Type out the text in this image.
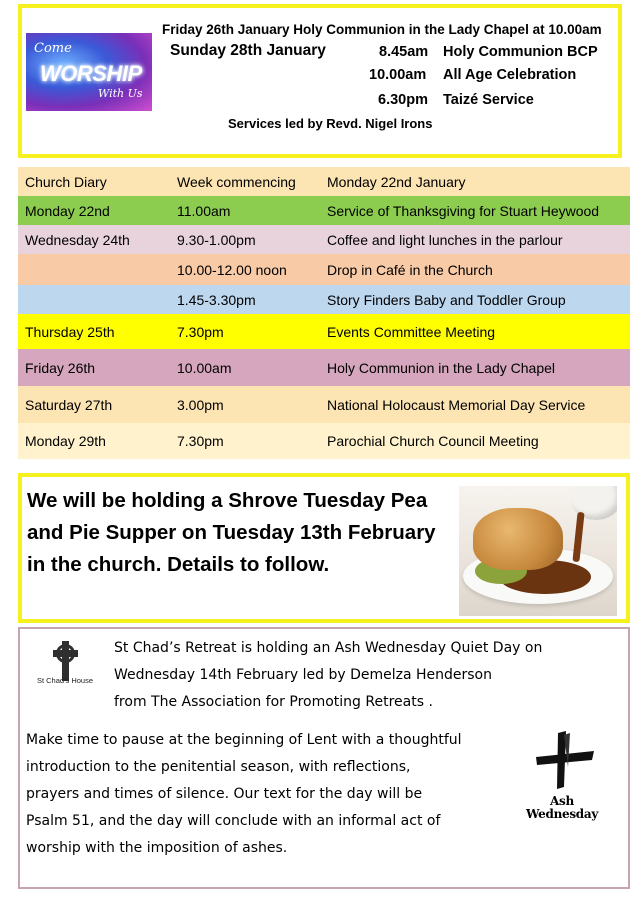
Come
WORSHIP
With Us
Friday 26th January Holy Communion in the Lady Chapel at 10.00am
Sunday 28th January	8.45am Holy Communion BCP
10.00am All Age Celebration
6.30pm Taizé Service
Services led by Revd. Nigel Irons
Church Diary	Week commencing	Monday 22nd January
Monday 22nd	11.00am	Service of Thanksgiving for Stuart Heywood
Wednesday 24th	9.30-1.00pm	Coffee and light lunches in the parlour
	10.00-12.00 noon	Drop in Café in the Church
	1.45-3.30pm	Story Finders Baby and Toddler Group
Thursday 25th	7.30pm	Events Committee Meeting
Friday 26th	10.00am	Holy Communion in the Lady Chapel
Saturday 27th	3.00pm	National Holocaust Memorial Day Service
Monday 29th	7.30pm	Parochial Church Council Meeting
We will be holding a Shrove Tuesday Pea and Pie Supper on Tuesday 13th February in the church. Details to follow.
St Chad's House
St Chad’s Retreat is holding an Ash Wednesday Quiet Day on
Wednesday 14th February led by Demelza Henderson
from The Association for Promoting Retreats .
Make time to pause at the beginning of Lent with a thoughtful
introduction to the penitential season, with reflections,
prayers and times of silence. Our text for the day will be
Psalm 51, and the day will conclude with an informal act of
worship with the imposition of ashes.
Ash
Wednesday
